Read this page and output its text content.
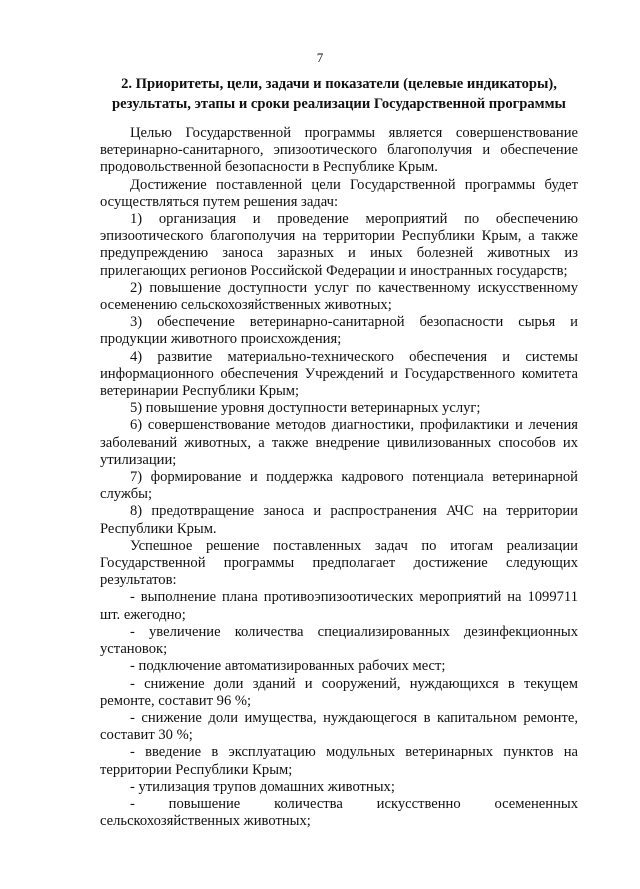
7
2. Приоритеты, цели, задачи и показатели (целевые индикаторы),
результаты, этапы и сроки реализации Государственной программы

Целью Государственной программы является совершенствование ветеринарно-санитарного, эпизоотического благополучия и обеспечение продовольственной безопасности в Республике Крым.

Достижение поставленной цели Государственной программы будет осуществляться путем решения задач:

1) организация и проведение мероприятий по обеспечению эпизоотического благополучия на территории Республики Крым, а также предупреждению заноса заразных и иных болезней животных из прилегающих регионов Российской Федерации и иностранных государств;

2) повышение доступности услуг по качественному искусственному осеменению сельскохозяйственных животных;

3) обеспечение ветеринарно-санитарной безопасности сырья и продукции животного происхождения;

4) развитие материально-технического обеспечения и системы информационного обеспечения Учреждений и Государственного комитета ветеринарии Республики Крым;

5) повышение уровня доступности ветеринарных услуг;

6) совершенствование методов диагностики, профилактики и лечения заболеваний животных, а также внедрение цивилизованных способов их утилизации;

7) формирование и поддержка кадрового потенциала ветеринарной службы;

8) предотвращение заноса и распространения АЧС на территории Республики Крым.

Успешное решение поставленных задач по итогам реализации Государственной программы предполагает достижение следующих результатов:

- выполнение плана противоэпизоотических мероприятий на 1099711 шт. ежегодно;

- увеличение количества специализированных дезинфекционных установок;

- подключение автоматизированных рабочих мест;

- снижение доли зданий и сооружений, нуждающихся в текущем ремонте, составит 96 %;

- снижение доли имущества, нуждающегося в капитальном ремонте, составит 30 %;

- введение в эксплуатацию модульных ветеринарных пунктов на территории Республики Крым;

- утилизация трупов домашних животных;

- повышение количества искусственно осемененных сельскохозяйственных животных;
